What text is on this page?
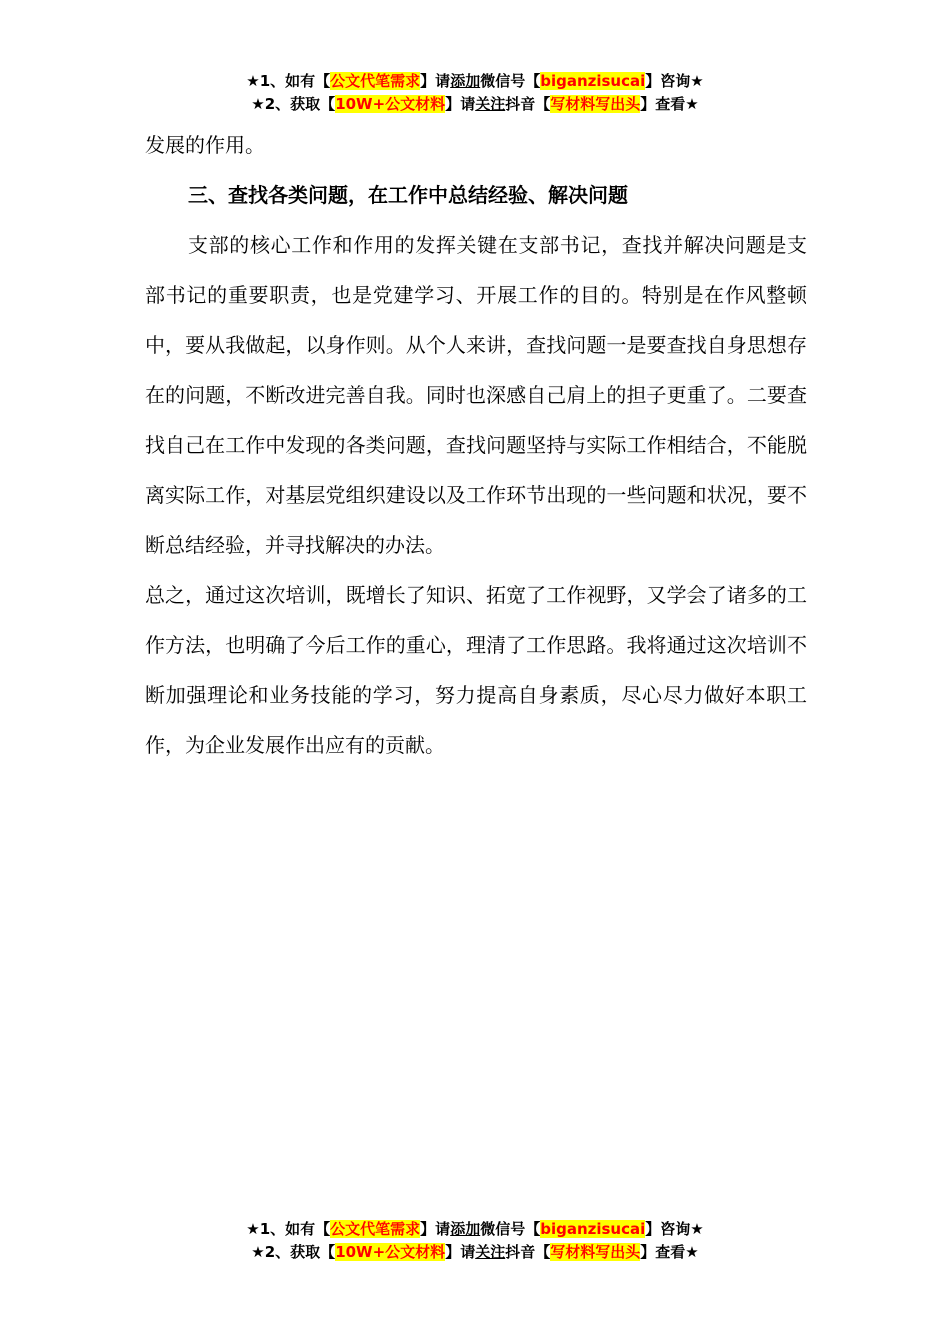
★1、如有【公文代笔需求】请添加微信号【biganzisucai】咨询★
★2、获取【10W+公文材料】请关注抖音【写材料写出头】查看★

发展的作用。

三、查找各类问题，在工作中总结经验、解决问题

支部的核心工作和作用的发挥关键在支部书记，查找并解决问题是支部书记的重要职责，也是党建学习、开展工作的目的。特别是在作风整顿中，要从我做起，以身作则。从个人来讲，查找问题一是要查找自身思想存在的问题，不断改进完善自我。同时也深感自己肩上的担子更重了。二要查找自己在工作中发现的各类问题，查找问题坚持与实际工作相结合，不能脱离实际工作，对基层党组织建设以及工作环节出现的一些问题和状况，要不断总结经验，并寻找解决的办法。

总之，通过这次培训，既增长了知识、拓宽了工作视野，又学会了诸多的工作方法，也明确了今后工作的重心，理清了工作思路。我将通过这次培训不断加强理论和业务技能的学习，努力提高自身素质，尽心尽力做好本职工作，为企业发展作出应有的贡献。

★1、如有【公文代笔需求】请添加微信号【biganzisucai】咨询★
★2、获取【10W+公文材料】请关注抖音【写材料写出头】查看★
